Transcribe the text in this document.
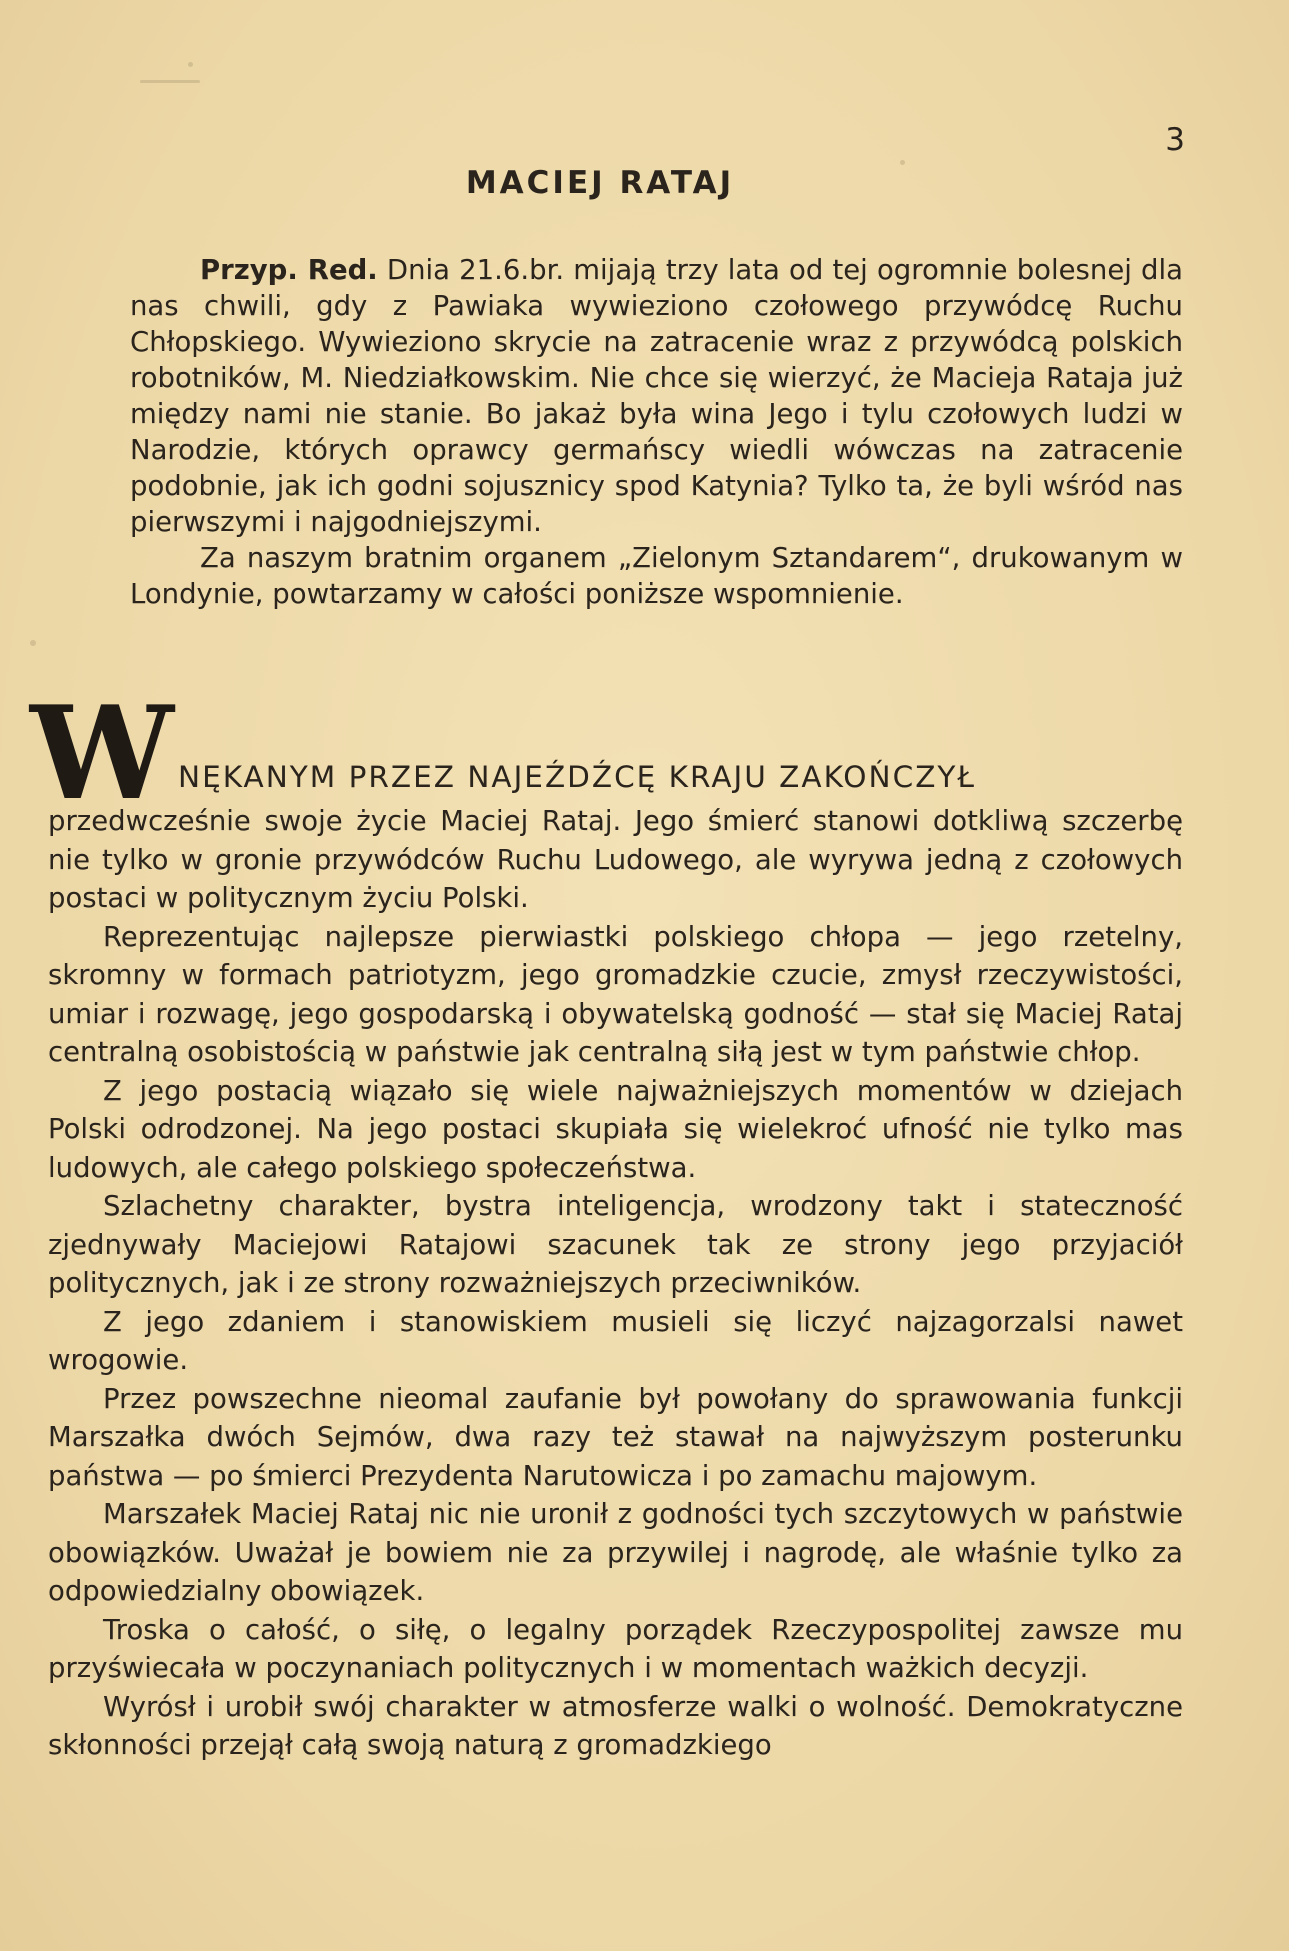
3
MACIEJ RATAJ

Przyp. Red. Dnia 21.6.br. mijają trzy lata od tej ogromnie bolesnej dla nas chwili, gdy z Pawiaka wywieziono czołowego przywódcę Ruchu Chłopskiego. Wywieziono skrycie na zatracenie wraz z przywódcą polskich robotników, M. Niedziałkowskim. Nie chce się wierzyć, że Macieja Rataja już między nami nie stanie. Bo jakaż była wina Jego i tylu czołowych ludzi w Narodzie, których oprawcy germańscy wiedli wówczas na zatracenie podobnie, jak ich godni sojusznicy spod Katynia? Tylko ta, że byli wśród nas pierwszymi i najgodniejszymi.

Za naszym bratnim organem „Zielonym Sztandarem“, drukowanym w Londynie, powtarzamy w całości poniższe wspomnienie.

W NĘKANYM PRZEZ NAJEŹDŹCĘ KRAJU ZAKOŃCZYŁ

przedwcześnie swoje życie Maciej Rataj. Jego śmierć stanowi dotkliwą szczerbę nie tylko w gronie przywódców Ruchu Ludowego, ale wyrywa jedną z czołowych postaci w politycznym życiu Polski.

Reprezentując najlepsze pierwiastki polskiego chłopa — jego rzetelny, skromny w formach patriotyzm, jego gromadzkie czucie, zmysł rzeczywistości, umiar i rozwagę, jego gospodarską i obywatelską godność — stał się Maciej Rataj centralną osobistością w państwie jak centralną siłą jest w tym państwie chłop.

Z jego postacią wiązało się wiele najważniejszych momentów w dziejach Polski odrodzonej. Na jego postaci skupiała się wielekroć ufność nie tylko mas ludowych, ale całego polskiego społeczeństwa.

Szlachetny charakter, bystra inteligencja, wrodzony takt i stateczność zjednywały Maciejowi Ratajowi szacunek tak ze strony jego przyjaciół politycznych, jak i ze strony rozważniejszych przeciwników.

Z jego zdaniem i stanowiskiem musieli się liczyć najzagorzalsi nawet wrogowie.

Przez powszechne nieomal zaufanie był powołany do sprawowania funkcji Marszałka dwóch Sejmów, dwa razy też stawał na najwyższym posterunku państwa — po śmierci Prezydenta Narutowicza i po zamachu majowym.

Marszałek Maciej Rataj nic nie uronił z godności tych szczytowych w państwie obowiązków. Uważał je bowiem nie za przywilej i nagrodę, ale właśnie tylko za odpowiedzialny obowiązek.

Troska o całość, o siłę, o legalny porządek Rzeczypospolitej zawsze mu przyświecała w poczynaniach politycznych i w momentach ważkich decyzji.

Wyrósł i urobił swój charakter w atmosferze walki o wolność. Demokratyczne skłonności przejął całą swoją naturą z gromadzkiego
